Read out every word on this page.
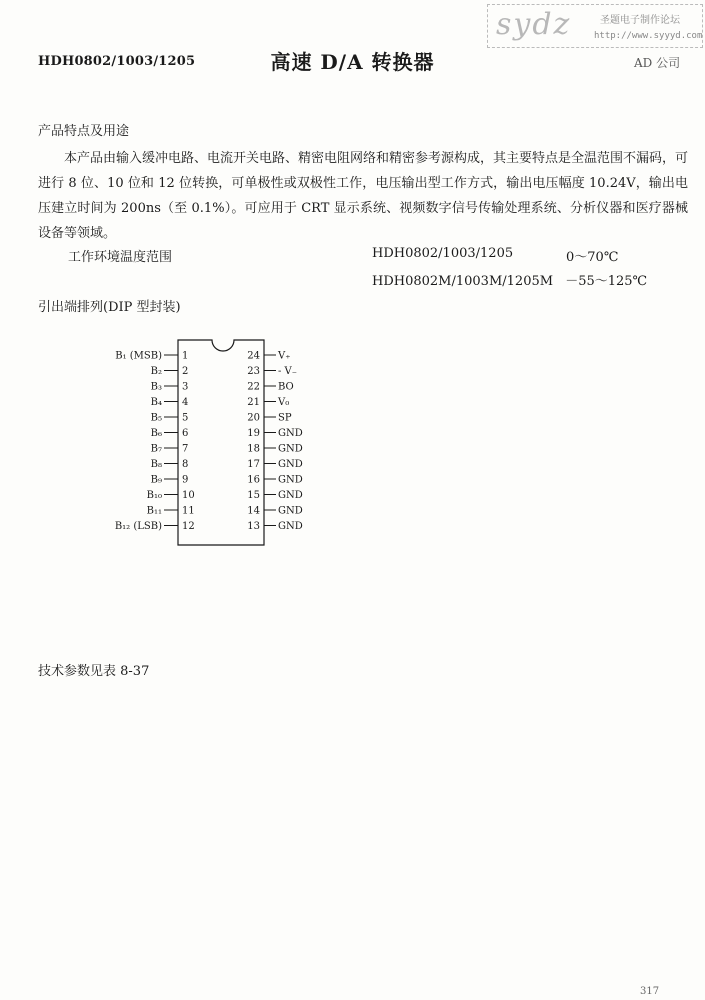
sydz	圣题电子制作论坛
http://www.syyyd.com
HDH0802/1003/1205	高速 D/A 转换器	AD 公司
产品特点及用途
本产品由输入缓冲电路、电流开关电路、精密电阻网络和精密参考源构成，其主要特点是全温范围不漏码，可进行 8 位、10 位和 12 位转换，可单极性或双极性工作，电压输出型工作方式，输出电压幅度 10.24V，输出电压建立时间为 200ns（至 0.1%）。可应用于 CRT 显示系统、视频数字信号传输处理系统、分析仪器和医疗器械设备等领域。
工作环境温度范围	HDH0802/1003/1205	0～70℃
HDH0802M/1003M/1205M －55～125℃
引出端排列(DIP 型封装)
B₁ (MSB) 1
B₂ 2
B₃ 3
B₄ 4
B₅ 5
B₆ 6
B₇ 7
B₈ 8
B₉ 9
B₁₀ 10
B₁₁ 11
B₁₂ (LSB) 12
24 V₊
23 - V₋
22 BO
21 V₀
20 SP
19 GND
18 GND
17 GND
16 GND
15 GND
14 GND
13 GND
技术参数见表 8-37
317
